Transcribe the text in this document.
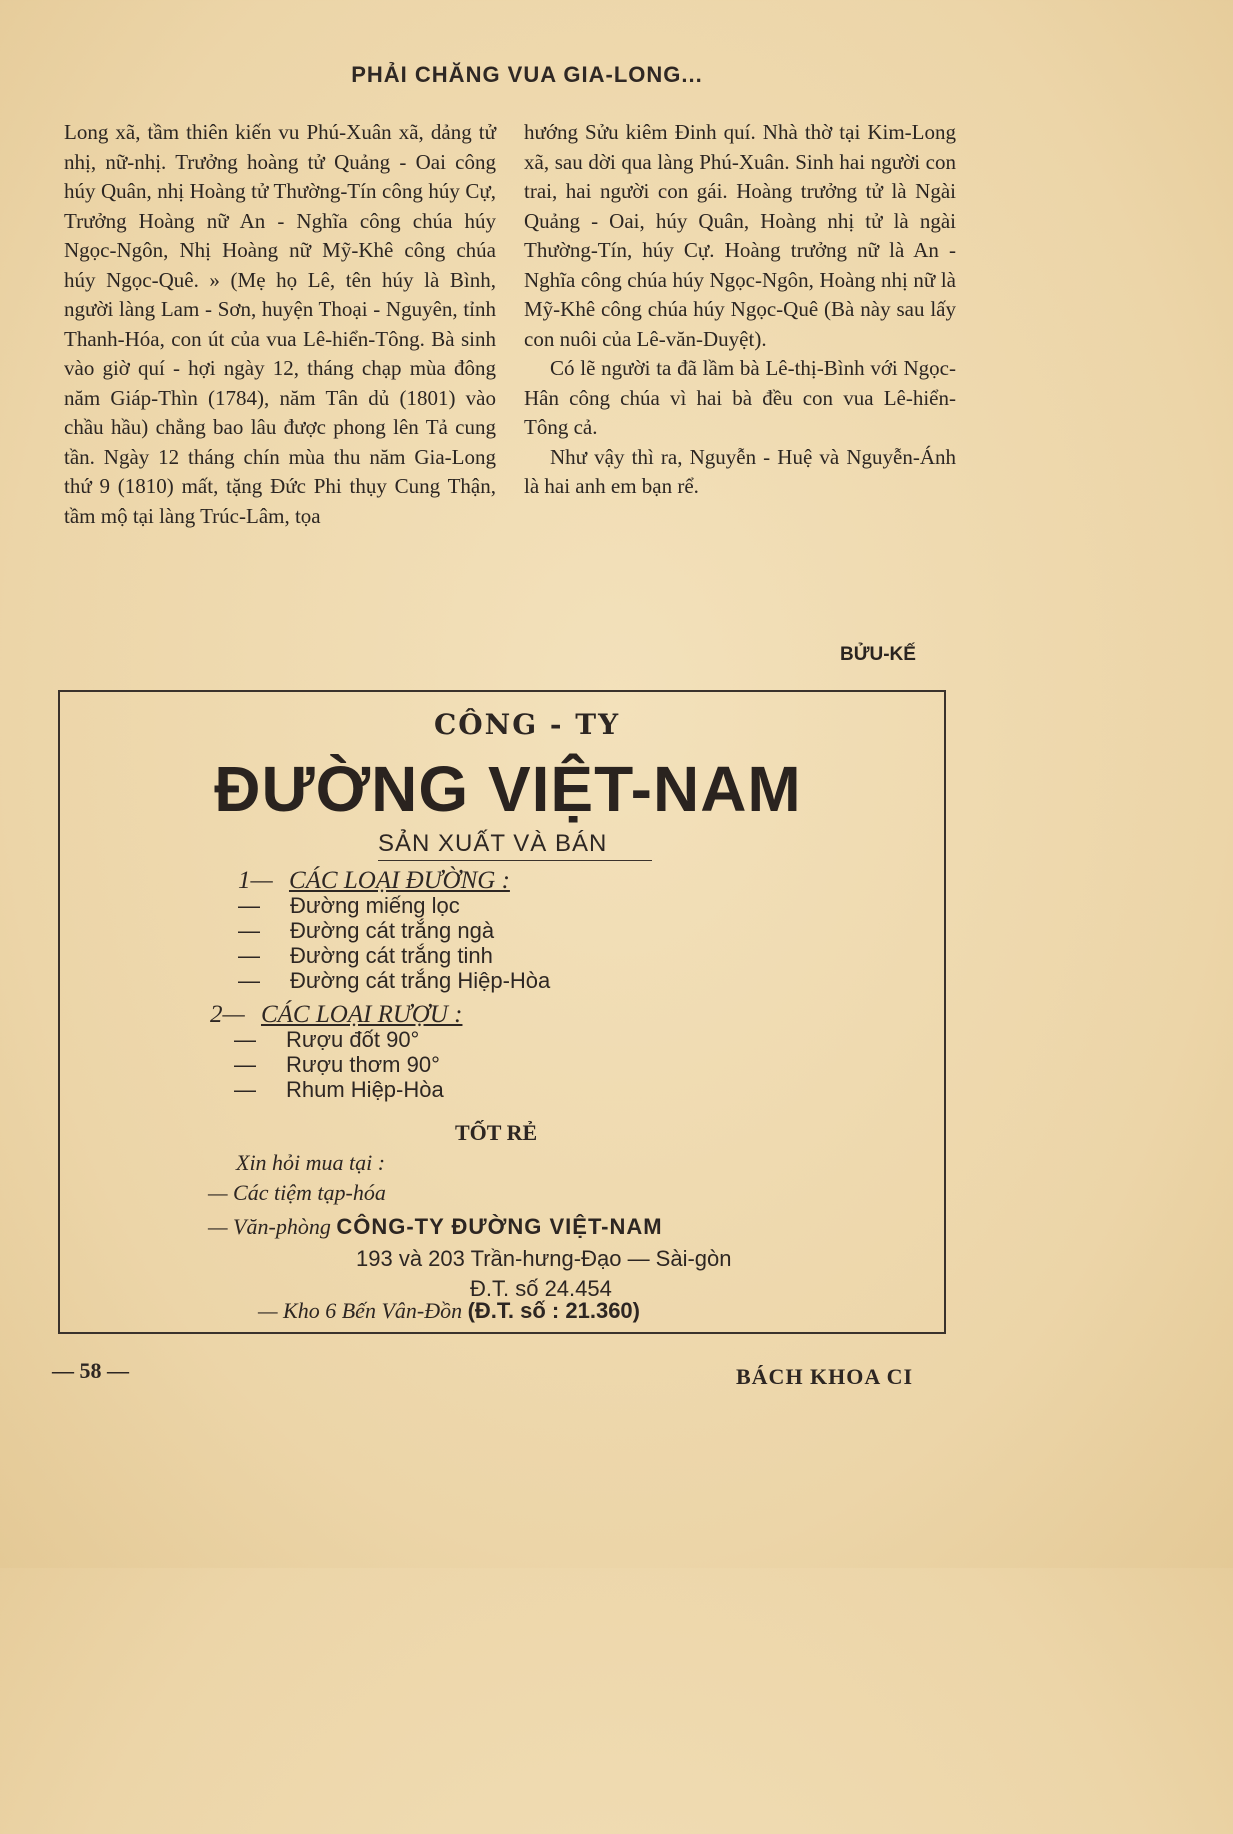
PHẢI CHĂNG VUA GIA-LONG...

Long xã, tầm thiên kiến vu Phú-Xuân xã, dảng tử nhị, nữ-nhị. Trưởng hoàng tử Quảng - Oai công húy Quân, nhị Hoàng tử Thường-Tín công húy Cự, Trưởng Hoàng nữ An - Nghĩa công chúa húy Ngọc-Ngôn, Nhị Hoàng nữ Mỹ-Khê công chúa húy Ngọc-Quê. » (Mẹ họ Lê, tên húy là Bình, người làng Lam - Sơn, huyện Thoại - Nguyên, tỉnh Thanh-Hóa, con út của vua Lê-hiển-Tông. Bà sinh vào giờ quí - hợi ngày 12, tháng chạp mùa đông năm Giáp-Thìn (1784), năm Tân dủ (1801) vào chầu hầu) chẳng bao lâu được phong lên Tả cung tần. Ngày 12 tháng chín mùa thu năm Gia-Long thứ 9 (1810) mất, tặng Đức Phi thụy Cung Thận, tầm mộ tại làng Trúc-Lâm, tọa

hướng Sửu kiêm Đinh quí. Nhà thờ tại Kim-Long xã, sau dời qua làng Phú-Xuân. Sinh hai người con trai, hai người con gái. Hoàng trưởng tử là Ngài Quảng - Oai, húy Quân, Hoàng nhị tử là ngài Thường-Tín, húy Cự. Hoàng trưởng nữ là An - Nghĩa công chúa húy Ngọc-Ngôn, Hoàng nhị nữ là Mỹ-Khê công chúa húy Ngọc-Quê (Bà này sau lấy con nuôi của Lê-văn-Duyệt).

Có lẽ người ta đã lầm bà Lê-thị-Bình với Ngọc-Hân công chúa vì hai bà đều con vua Lê-hiển-Tông cả.

Như vậy thì ra, Nguyễn - Huệ và Nguyễn-Ánh là hai anh em bạn rể.

BỬU-KẾ
CÔNG - TY
ĐƯỜNG VIỆT-NAM
SẢN XUẤT VÀ BÁN
1— CÁC LOẠI ĐƯỜNG :
—	Đường miếng lọc
—	Đường cát trắng ngà
—	Đường cát trắng tinh
—	Đường cát trắng Hiệp-Hòa
2— CÁC LOẠI RƯỢU :
—	Rượu đốt 90°
—	Rượu thơm 90°
—	Rhum Hiệp-Hòa
TỐT RẺ
Xin hỏi mua tại :
— Các tiệm tạp-hóa
— Văn-phòng CÔNG-TY ĐƯỜNG VIỆT-NAM
193 và 203 Trần-hưng-Đạo — Sài-gòn
Đ.T. số 24.454
— Kho 6 Bến Vân-Đồn (Đ.T. số : 21.360)
— 58 —	BÁCH KHOA CI
